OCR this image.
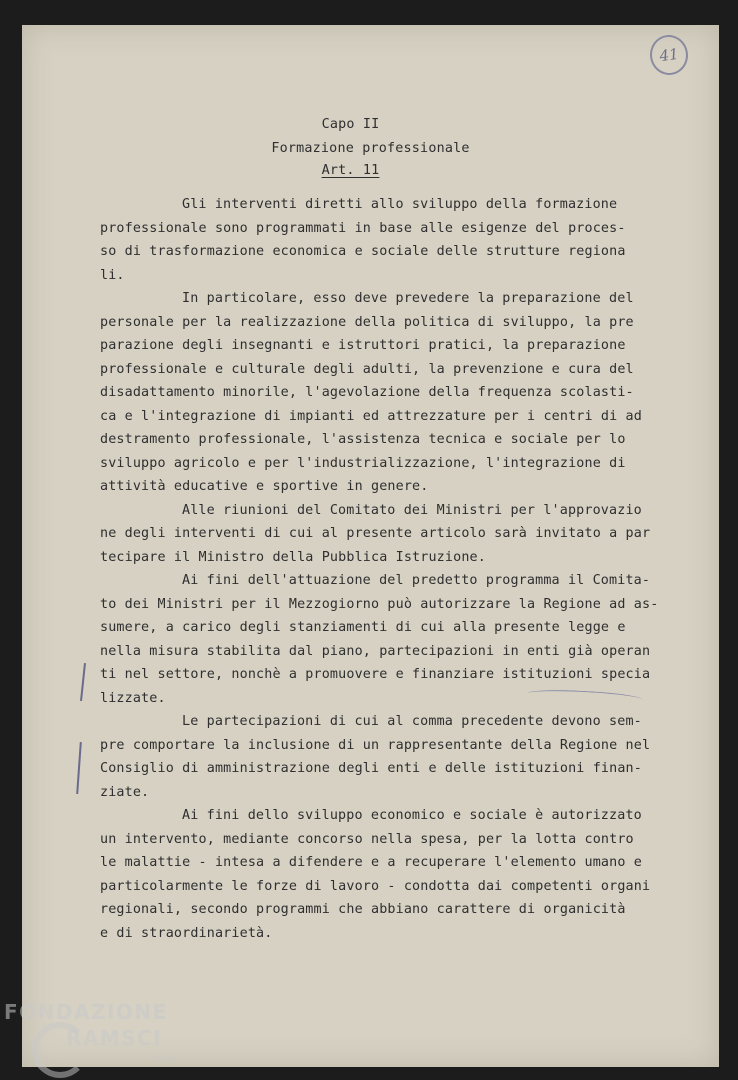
41
Capo II
Formazione professionale
Art. 11
Gli interventi diretti allo sviluppo della formazione
professionale sono programmati in base alle esigenze del proces-
so di trasformazione economica e sociale delle strutture regiona
li.
In particolare, esso deve prevedere la preparazione del
personale per la realizzazione della politica di sviluppo, la pre
parazione degli insegnanti e istruttori pratici, la preparazione
professionale e culturale degli adulti, la prevenzione e cura del
disadattamento minorile, l'agevolazione della frequenza scolasti-
ca e l'integrazione di impianti ed attrezzature per i centri di ad
destramento professionale, l'assistenza tecnica e sociale per lo
sviluppo agricolo e per l'industrializzazione, l'integrazione di
attività educative e sportive in genere.
Alle riunioni del Comitato dei Ministri per l'approvazio
ne degli interventi di cui al presente articolo sarà invitato a par
tecipare il Ministro della Pubblica Istruzione.
Ai fini dell'attuazione del predetto programma il Comita-
to dei Ministri per il Mezzogiorno può autorizzare la Regione ad as-
sumere, a carico degli stanziamenti di cui alla presente legge e
nella misura stabilita dal piano, partecipazioni in enti già operan
ti nel settore, nonchè a promuovere e finanziare istituzioni specia
lizzate.
Le partecipazioni di cui al comma precedente devono sem-
pre comportare la inclusione di un rappresentante della Regione nel
Consiglio di amministrazione degli enti e delle istituzioni finan-
ziate.
Ai fini dello sviluppo economico e sociale è autorizzato
un intervento, mediante concorso nella spesa, per la lotta contro
le malattie - intesa a difendere e a recuperare l'elemento umano e
particolarmente le forze di lavoro - condotta dai competenti organi
regionali, secondo programmi che abbiano carattere di organicità
e di straordinarietà.
FONDAZIONE
RAMSCI
onlus
